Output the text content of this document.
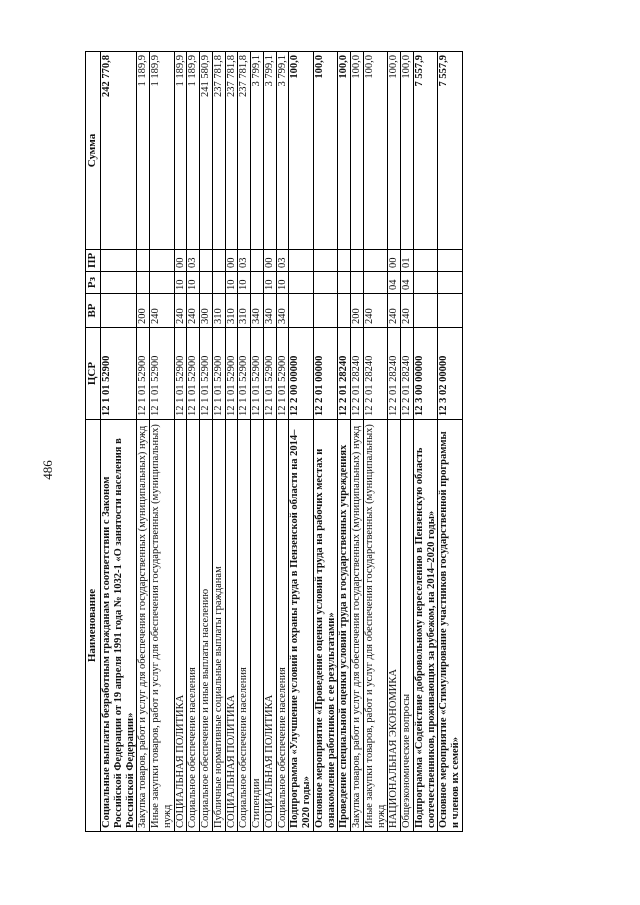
486
Наименование	ЦСР	ВР	Рз	ПР	Сумма
Социальные выплаты безработным гражданам в соответствии с Законом Российской Федерации от 19 апреля 1991 года № 1032-1 «О занятости населения в Российской Федерации»	12 1 01 52900				242 770,8
Закупка товаров, работ и услуг для обеспечения государственных (муниципальных) нужд	12 1 01 52900	200			1 189,9
Иные закупки товаров, работ и услуг для обеспечения государственных (муниципальных) нужд	12 1 01 52900	240			1 189,9
СОЦИАЛЬНАЯ ПОЛИТИКА	12 1 01 52900	240	10	00	1 189,9
Социальное обеспечение населения	12 1 01 52900	240	10	03	1 189,9
Социальное обеспечение и иные выплаты населению	12 1 01 52900	300			241 580,9
Публичные нормативные социальные выплаты гражданам	12 1 01 52900	310			237 781,8
СОЦИАЛЬНАЯ ПОЛИТИКА	12 1 01 52900	310	10	00	237 781,8
Социальное обеспечение населения	12 1 01 52900	310	10	03	237 781,8
Стипендии	12 1 01 52900	340			3 799,1
СОЦИАЛЬНАЯ ПОЛИТИКА	12 1 01 52900	340	10	00	3 799,1
Социальное обеспечение населения	12 1 01 52900	340	10	03	3 799,1
Подпрограмма «Улучшение условий и охраны труда в Пензенской области на 2014–2020 годы»	12 2 00 00000				100,0
Основное мероприятие «Проведение оценки условий труда на рабочих местах и ознакомление работников с ее результатами»	12 2 01 00000				100,0
Проведение специальной оценки условий труда в государственных учреждениях	12 2 01 28240				100,0
Закупка товаров, работ и услуг для обеспечения государственных (муниципальных) нужд	12 2 01 28240	200			100,0
Иные закупки товаров, работ и услуг для обеспечения государственных (муниципальных) нужд	12 2 01 28240	240			100,0
НАЦИОНАЛЬНАЯ ЭКОНОМИКА	12 2 01 28240	240	04	00	100,0
Общеэкономические вопросы	12 2 01 28240	240	04	01	100,0
Подпрограмма «Содействие добровольному переселению в Пензенскую область соотечественников, проживающих за рубежом, на 2014–2020 годы»	12 3 00 00000				7 557,9
Основное мероприятие «Стимулирование участников государственной программы и членов их семей»	12 3 02 00000				7 557,9
